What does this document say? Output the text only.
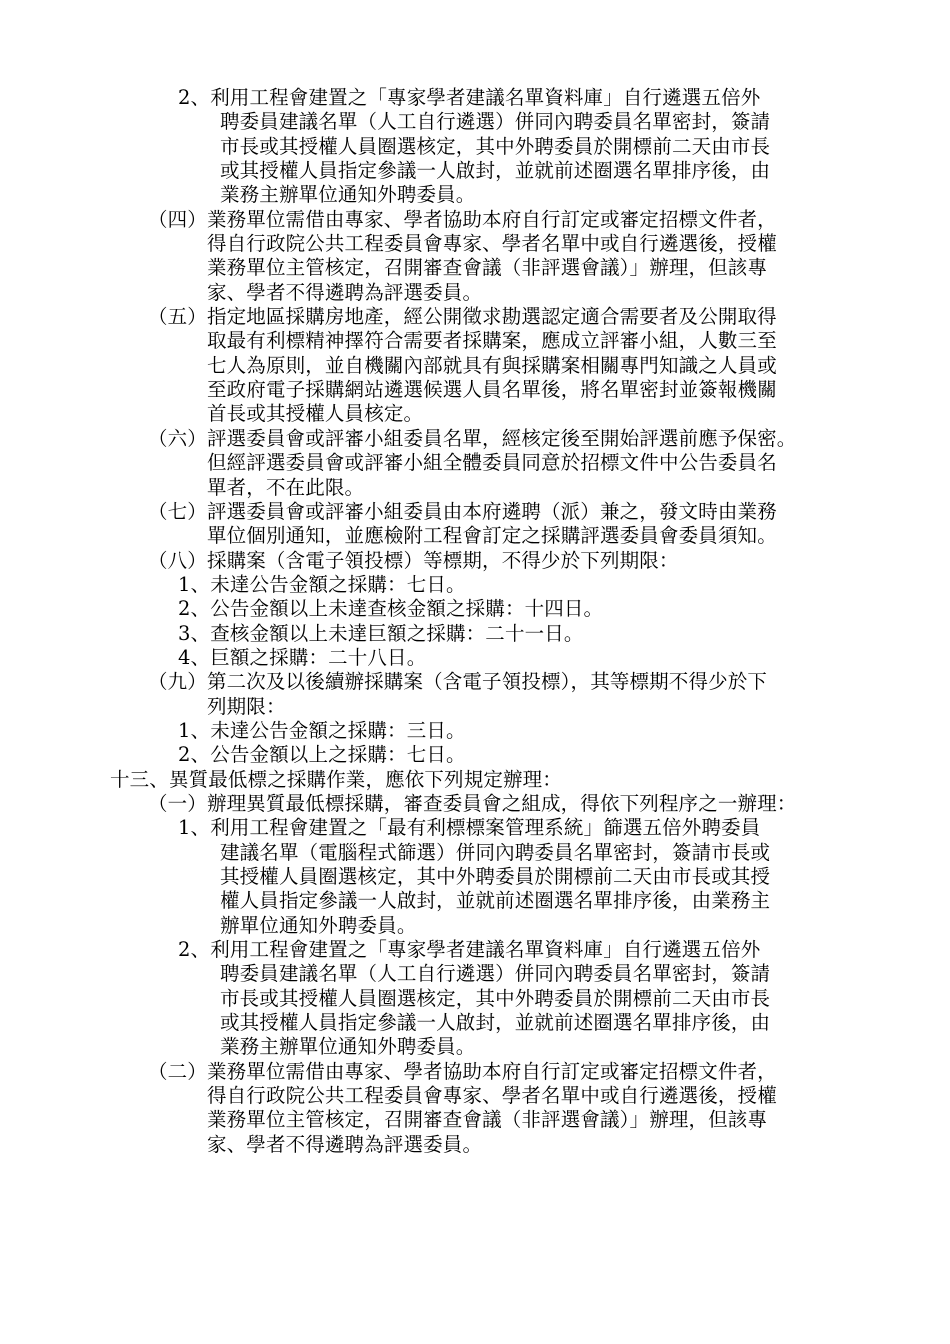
2、利用工程會建置之「專家學者建議名單資料庫」自行遴選五倍外
聘委員建議名單（人工自行遴選）併同內聘委員名單密封，簽請
市長或其授權人員圈選核定，其中外聘委員於開標前二天由市長
或其授權人員指定參議一人啟封，並就前述圈選名單排序後，由
業務主辦單位通知外聘委員。
（四）業務單位需借由專家、學者協助本府自行訂定或審定招標文件者，
得自行政院公共工程委員會專家、學者名單中或自行遴選後，授權
業務單位主管核定，召開審查會議（非評選會議）」辦理，但該專
家、學者不得遴聘為評選委員。
（五）指定地區採購房地產，經公開徵求勘選認定適合需要者及公開取得
取最有利標精神擇符合需要者採購案，應成立評審小組，人數三至
七人為原則，並自機關內部就具有與採購案相關專門知識之人員或
至政府電子採購網站遴選候選人員名單後，將名單密封並簽報機關
首長或其授權人員核定。
（六）評選委員會或評審小組委員名單，經核定後至開始評選前應予保密。
但經評選委員會或評審小組全體委員同意於招標文件中公告委員名
單者，不在此限。
（七）評選委員會或評審小組委員由本府遴聘（派）兼之，發文時由業務
單位個別通知，並應檢附工程會訂定之採購評選委員會委員須知。
（八）採購案（含電子領投標）等標期，不得少於下列期限：
1、未達公告金額之採購：七日。
2、公告金額以上未達查核金額之採購：十四日。
3、查核金額以上未達巨額之採購：二十一日。
4、巨額之採購：二十八日。
（九）第二次及以後續辦採購案（含電子領投標），其等標期不得少於下
列期限：
1、未達公告金額之採購：三日。
2、公告金額以上之採購：七日。
十三、異質最低標之採購作業，應依下列規定辦理：
（一）辦理異質最低標採購，審查委員會之組成，得依下列程序之一辦理：
1、利用工程會建置之「最有利標標案管理系統」篩選五倍外聘委員
建議名單（電腦程式篩選）併同內聘委員名單密封，簽請市長或
其授權人員圈選核定，其中外聘委員於開標前二天由市長或其授
權人員指定參議一人啟封，並就前述圈選名單排序後，由業務主
辦單位通知外聘委員。
2、利用工程會建置之「專家學者建議名單資料庫」自行遴選五倍外
聘委員建議名單（人工自行遴選）併同內聘委員名單密封，簽請
市長或其授權人員圈選核定，其中外聘委員於開標前二天由市長
或其授權人員指定參議一人啟封，並就前述圈選名單排序後，由
業務主辦單位通知外聘委員。
（二）業務單位需借由專家、學者協助本府自行訂定或審定招標文件者，
得自行政院公共工程委員會專家、學者名單中或自行遴選後，授權
業務單位主管核定，召開審查會議（非評選會議）」辦理，但該專
家、學者不得遴聘為評選委員。
